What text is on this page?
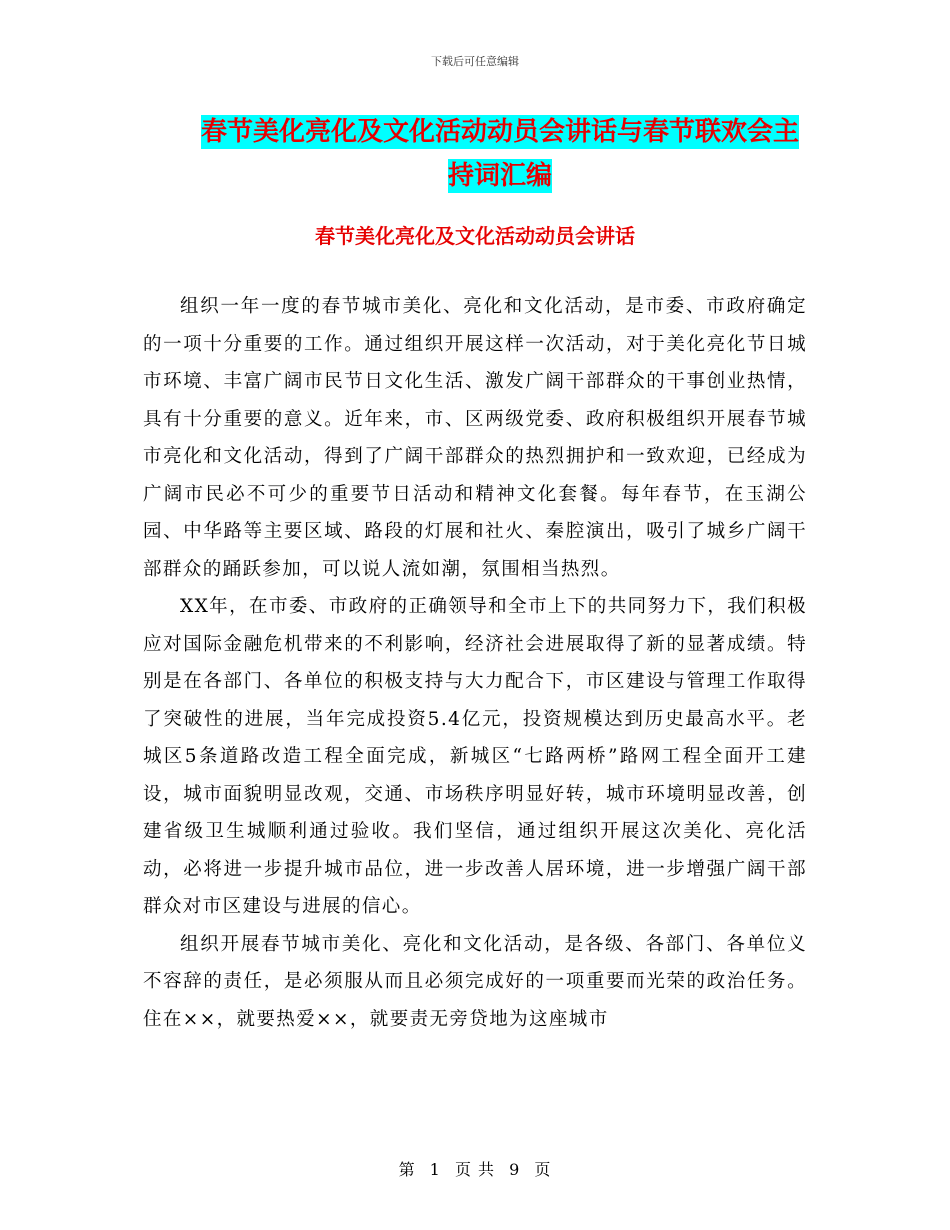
下载后可任意编辑
春节美化亮化及文化活动动员会讲话与春节联欢会主
持词汇编
春节美化亮化及文化活动动员会讲话

组织一年一度的春节城市美化、亮化和文化活动，是市委、市政府确定的一项十分重要的工作。通过组织开展这样一次活动，对于美化亮化节日城市环境、丰富广阔市民节日文化生活、激发广阔干部群众的干事创业热情，具有十分重要的意义。近年来，市、区两级党委、政府积极组织开展春节城市亮化和文化活动，得到了广阔干部群众的热烈拥护和一致欢迎，已经成为广阔市民必不可少的重要节日活动和精神文化套餐。每年春节，在玉湖公园、中华路等主要区域、路段的灯展和社火、秦腔演出，吸引了城乡广阔干部群众的踊跃参加，可以说人流如潮，氛围相当热烈。

XX年，在市委、市政府的正确领导和全市上下的共同努力下，我们积极应对国际金融危机带来的不利影响，经济社会进展取得了新的显著成绩。特别是在各部门、各单位的积极支持与大力配合下，市区建设与管理工作取得了突破性的进展，当年完成投资5.4亿元，投资规模达到历史最高水平。老城区5条道路改造工程全面完成，新城区“七路两桥”路网工程全面开工建设，城市面貌明显改观，交通、市场秩序明显好转，城市环境明显改善，创建省级卫生城顺利通过验收。我们坚信，通过组织开展这次美化、亮化活动，必将进一步提升城市品位，进一步改善人居环境，进一步增强广阔干部群众对市区建设与进展的信心。

组织开展春节城市美化、亮化和文化活动，是各级、各部门、各单位义不容辞的责任，是必须服从而且必须完成好的一项重要而光荣的政治任务。住在××，就要热爱××，就要责无旁贷地为这座城市

第 1 页 共 9 页
